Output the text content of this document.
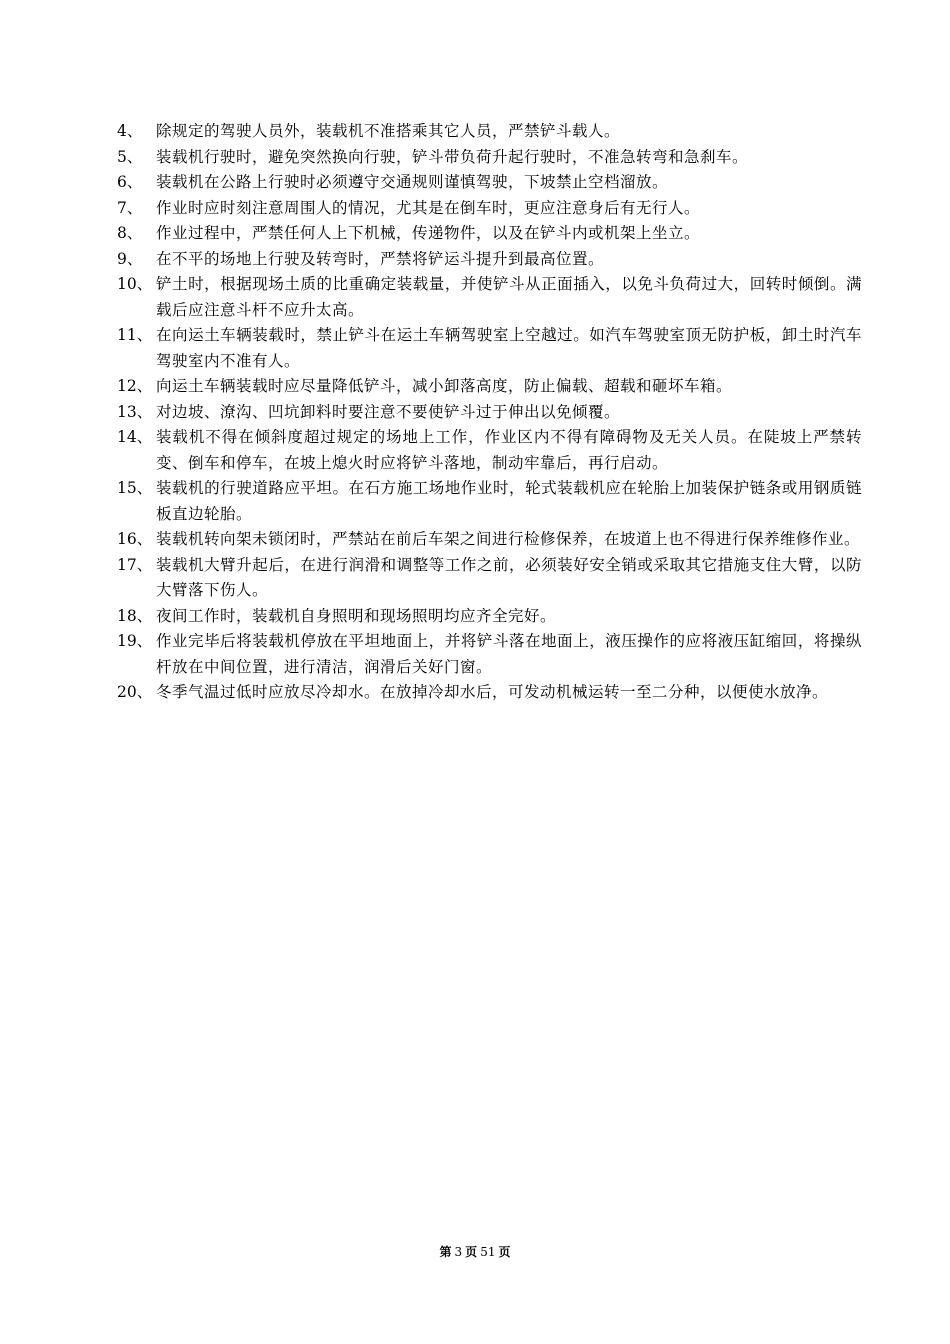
4、 除规定的驾驶人员外，装载机不准搭乘其它人员，严禁铲斗载人。
5、 装载机行驶时，避免突然换向行驶，铲斗带负荷升起行驶时，不准急转弯和急刹车。
6、 装载机在公路上行驶时必须遵守交通规则谨慎驾驶，下坡禁止空档溜放。
7、 作业时应时刻注意周围人的情况，尤其是在倒车时，更应注意身后有无行人。
8、 作业过程中，严禁任何人上下机械，传递物件，以及在铲斗内或机架上坐立。
9、 在不平的场地上行驶及转弯时，严禁将铲运斗提升到最高位置。
10、 铲土时，根据现场土质的比重确定装载量，并使铲斗从正面插入，以免斗负荷过大，回转时倾倒。满载后应注意斗杆不应升太高。
11、 在向运土车辆装载时，禁止铲斗在运土车辆驾驶室上空越过。如汽车驾驶室顶无防护板，卸土时汽车驾驶室内不准有人。
12、 向运土车辆装载时应尽量降低铲斗，减小卸落高度，防止偏载、超载和砸坏车箱。
13、 对边坡、潦沟、凹坑卸料时要注意不要使铲斗过于伸出以免倾覆。
14、 装载机不得在倾斜度超过规定的场地上工作，作业区内不得有障碍物及无关人员。在陡坡上严禁转变、倒车和停车，在坡上熄火时应将铲斗落地，制动牢靠后，再行启动。
15、 装载机的行驶道路应平坦。在石方施工场地作业时，轮式装载机应在轮胎上加装保护链条或用钢质链板直边轮胎。
16、 装载机转向架未锁闭时，严禁站在前后车架之间进行检修保养，在坡道上也不得进行保养维修作业。
17、 装载机大臂升起后，在进行润滑和调整等工作之前，必须装好安全销或采取其它措施支住大臂，以防大臂落下伤人。
18、 夜间工作时，装载机自身照明和现场照明均应齐全完好。
19、 作业完毕后将装载机停放在平坦地面上，并将铲斗落在地面上，液压操作的应将液压缸缩回，将操纵杆放在中间位置，进行清洁，润滑后关好门窗。
20、 冬季气温过低时应放尽冷却水。在放掉冷却水后，可发动机械运转一至二分种，以便使水放净。
第 3 页 51 页
